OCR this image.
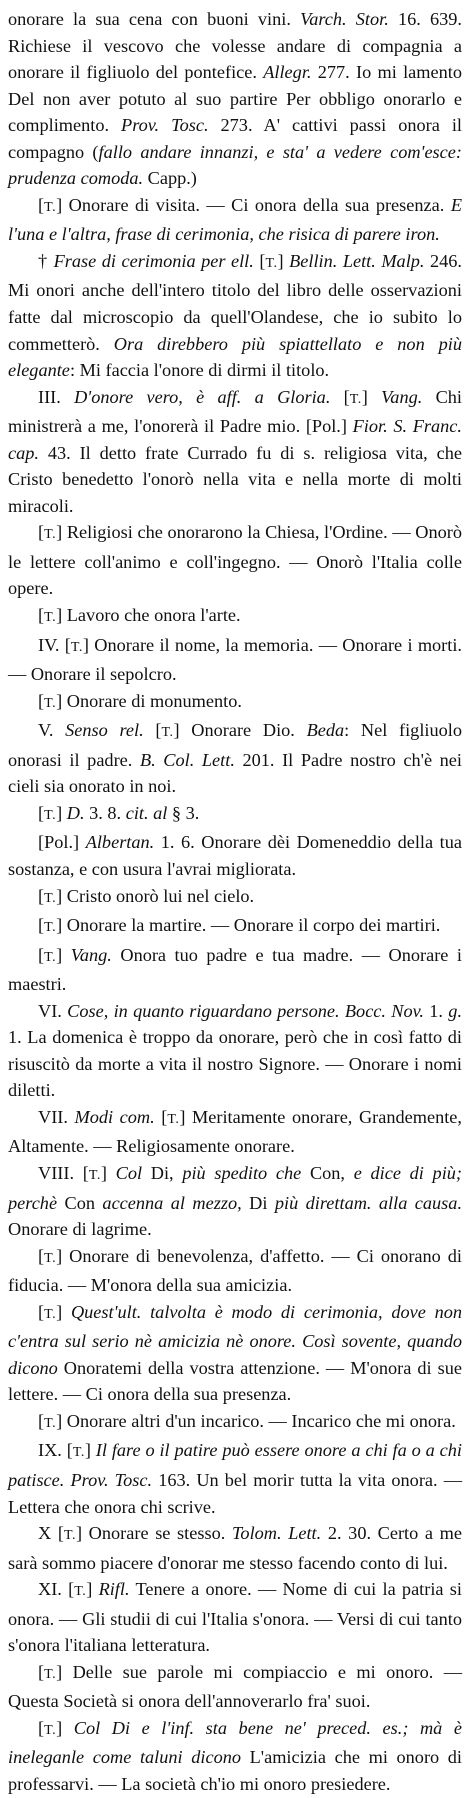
onorare la sua cena con buoni vini. Varch. Stor. 16. 639. Richiese il vescovo che volesse andare di compagnia a onorare il figliuolo del pontefice. Allegr. 277. Io mi lamento Del non aver potuto al suo partire Per obbligo onorarlo e complimento. Prov. Tosc. 273. A' cattivi passi onora il compagno (fallo andare innanzi, e sta' a vedere com'esce: prudenza comoda. Capp.)

[T.] Onorare di visita. — Ci onora della sua presenza. E l'una e l'altra, frase di cerimonia, che risica di parere iron.

† Frase di cerimonia per ell. [T.] Bellin. Lett. Malp. 246. Mi onori anche dell'intero titolo del libro delle osservazioni fatte dal microscopio da quell'Olandese, che io subito lo commetterò. Ora direbbero più spiattellato e non più elegante: Mi faccia l'onore di dirmi il titolo.

III. D'onore vero, è aff. a Gloria. [T.] Vang. Chi ministrerà a me, l'onorerà il Padre mio. [Pol.] Fior. S. Franc. cap. 43. Il detto frate Currado fu di s. religiosa vita, che Cristo benedetto l'onorò nella vita e nella morte di molti miracoli.

[T.] Religiosi che onorarono la Chiesa, l'Ordine. — Onorò le lettere coll'animo e coll'ingegno. — Onorò l'Italia colle opere.

[T.] Lavoro che onora l'arte.

IV. [T.] Onorare il nome, la memoria. — Onorare i morti. — Onorare il sepolcro.

[T.] Onorare di monumento.

V. Senso rel. [T.] Onorare Dio. Beda: Nel figliuolo onorasi il padre. B. Col. Lett. 201. Il Padre nostro ch'è nei cieli sia onorato in noi.

[T.] D. 3. 8. cit. al § 3.

[Pol.] Albertan. 1. 6. Onorare dèi Domeneddio della tua sostanza, e con usura l'avrai migliorata.

[T.] Cristo onorò lui nel cielo.

[T.] Onorare la martire. — Onorare il corpo dei martiri.

[T.] Vang. Onora tuo padre e tua madre. — Onorare i maestri.

VI. Cose, in quanto riguardano persone. Bocc. Nov. 1. g. 1. La domenica è troppo da onorare, però che in così fatto di risuscitò da morte a vita il nostro Signore. — Onorare i nomi diletti.

VII. Modi com. [T.] Meritamente onorare, Grandemente, Altamente. — Religiosamente onorare.

VIII. [T.] Col Di, più spedito che Con, e dice di più; perchè Con accenna al mezzo, Di più direttam. alla causa. Onorare di lagrime.

[T.] Onorare di benevolenza, d'affetto. — Ci onorano di fiducia. — M'onora della sua amicizia.

[T.] Quest'ult. talvolta è modo di cerimonia, dove non c'entra sul serio nè amicizia nè onore. Così sovente, quando dicono Onoratemi della vostra attenzione. — M'onora di sue lettere. — Ci onora della sua presenza.

[T.] Onorare altri d'un incarico. — Incarico che mi onora.

IX. [T.] Il fare o il patire può essere onore a chi fa o a chi patisce. Prov. Tosc. 163. Un bel morir tutta la vita onora. — Lettera che onora chi scrive.

X [T.] Onorare se stesso. Tolom. Lett. 2. 30. Certo a me sarà sommo piacere d'onorar me stesso facendo conto di lui.

XI. [T.] Rifl. Tenere a onore. — Nome di cui la patria si onora. — Gli studii di cui l'Italia s'onora. — Versi di cui tanto s'onora l'italiana letteratura.

[T.] Delle sue parole mi compiaccio e mi onoro. — Questa Società si onora dell'annoverarlo fra' suoi.

[T.] Col Di e l'inf. sta bene ne' preced. es.; mà è ineleganle come taluni dicono L'amicizia che mi onoro di professarvi. — La società ch'io mi onoro presiedere.
